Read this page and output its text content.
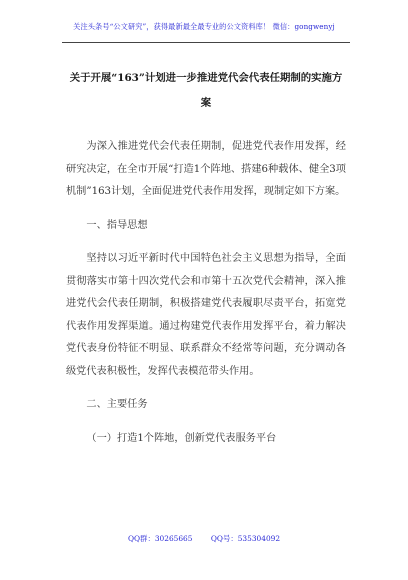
关注头条号“公文研究”，获得最新最全最专业的公文资料库！ 微信：gongwenyj
关于开展“163”计划进一步推进党代会代表任期制的实施方案

为深入推进党代会代表任期制，促进党代表作用发挥，经研究决定，在全市开展“打造1个阵地、搭建6种载体、健全3项机制”163计划，全面促进党代表作用发挥，现制定如下方案。

一、指导思想

坚持以习近平新时代中国特色社会主义思想为指导，全面贯彻落实市第十四次党代会和市第十五次党代会精神，深入推进党代会代表任期制，积极搭建党代表履职尽责平台，拓宽党代表作用发挥渠道。通过构建党代表作用发挥平台，着力解决党代表身份特征不明显、联系群众不经常等问题，充分调动各级党代表积极性，发挥代表模范带头作用。

二、主要任务

（一）打造1个阵地，创新党代表服务平台

QQ群：30265665 QQ号：535304092
